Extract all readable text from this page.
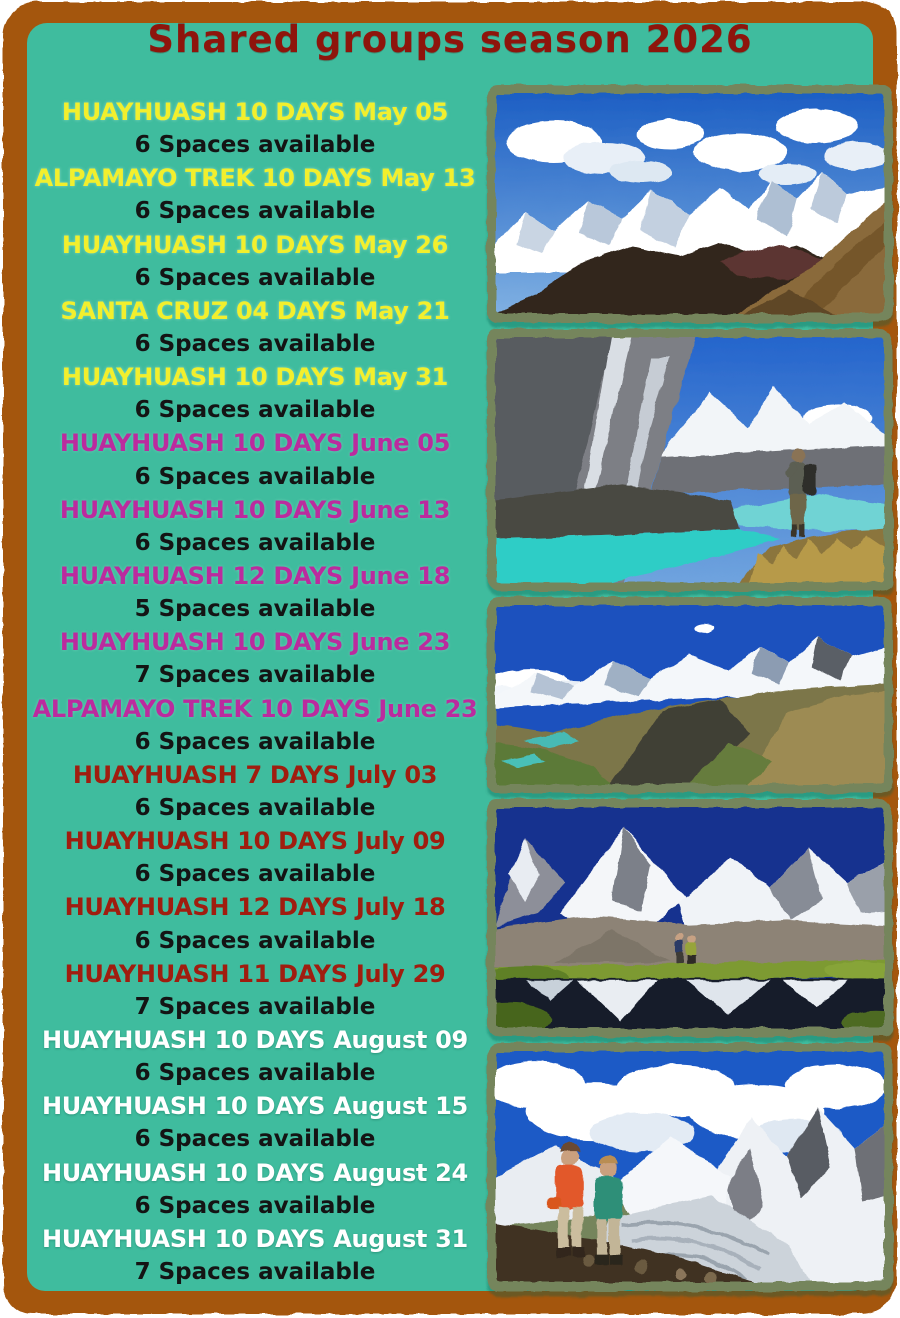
Shared groups season 2026
HUAYHUASH 10 DAYS May 05
6 Spaces available
ALPAMAYO TREK 10 DAYS May 13
6 Spaces available
HUAYHUASH 10 DAYS May 26
6 Spaces available
SANTA CRUZ 04 DAYS May 21
6 Spaces available
HUAYHUASH 10 DAYS May 31
6 Spaces available
HUAYHUASH 10 DAYS June 05
6 Spaces available
HUAYHUASH 10 DAYS June 13
6 Spaces available
HUAYHUASH 12 DAYS June 18
5 Spaces available
HUAYHUASH 10 DAYS June 23
7 Spaces available
ALPAMAYO TREK 10 DAYS June 23
6 Spaces available
HUAYHUASH 7 DAYS July 03
6 Spaces available
HUAYHUASH 10 DAYS July 09
6 Spaces available
HUAYHUASH 12 DAYS July 18
6 Spaces available
HUAYHUASH 11 DAYS July 29
7 Spaces available
HUAYHUASH 10 DAYS August 09
6 Spaces available
HUAYHUASH 10 DAYS August 15
6 Spaces available
HUAYHUASH 10 DAYS August 24
6 Spaces available
HUAYHUASH 10 DAYS August 31
7 Spaces available
